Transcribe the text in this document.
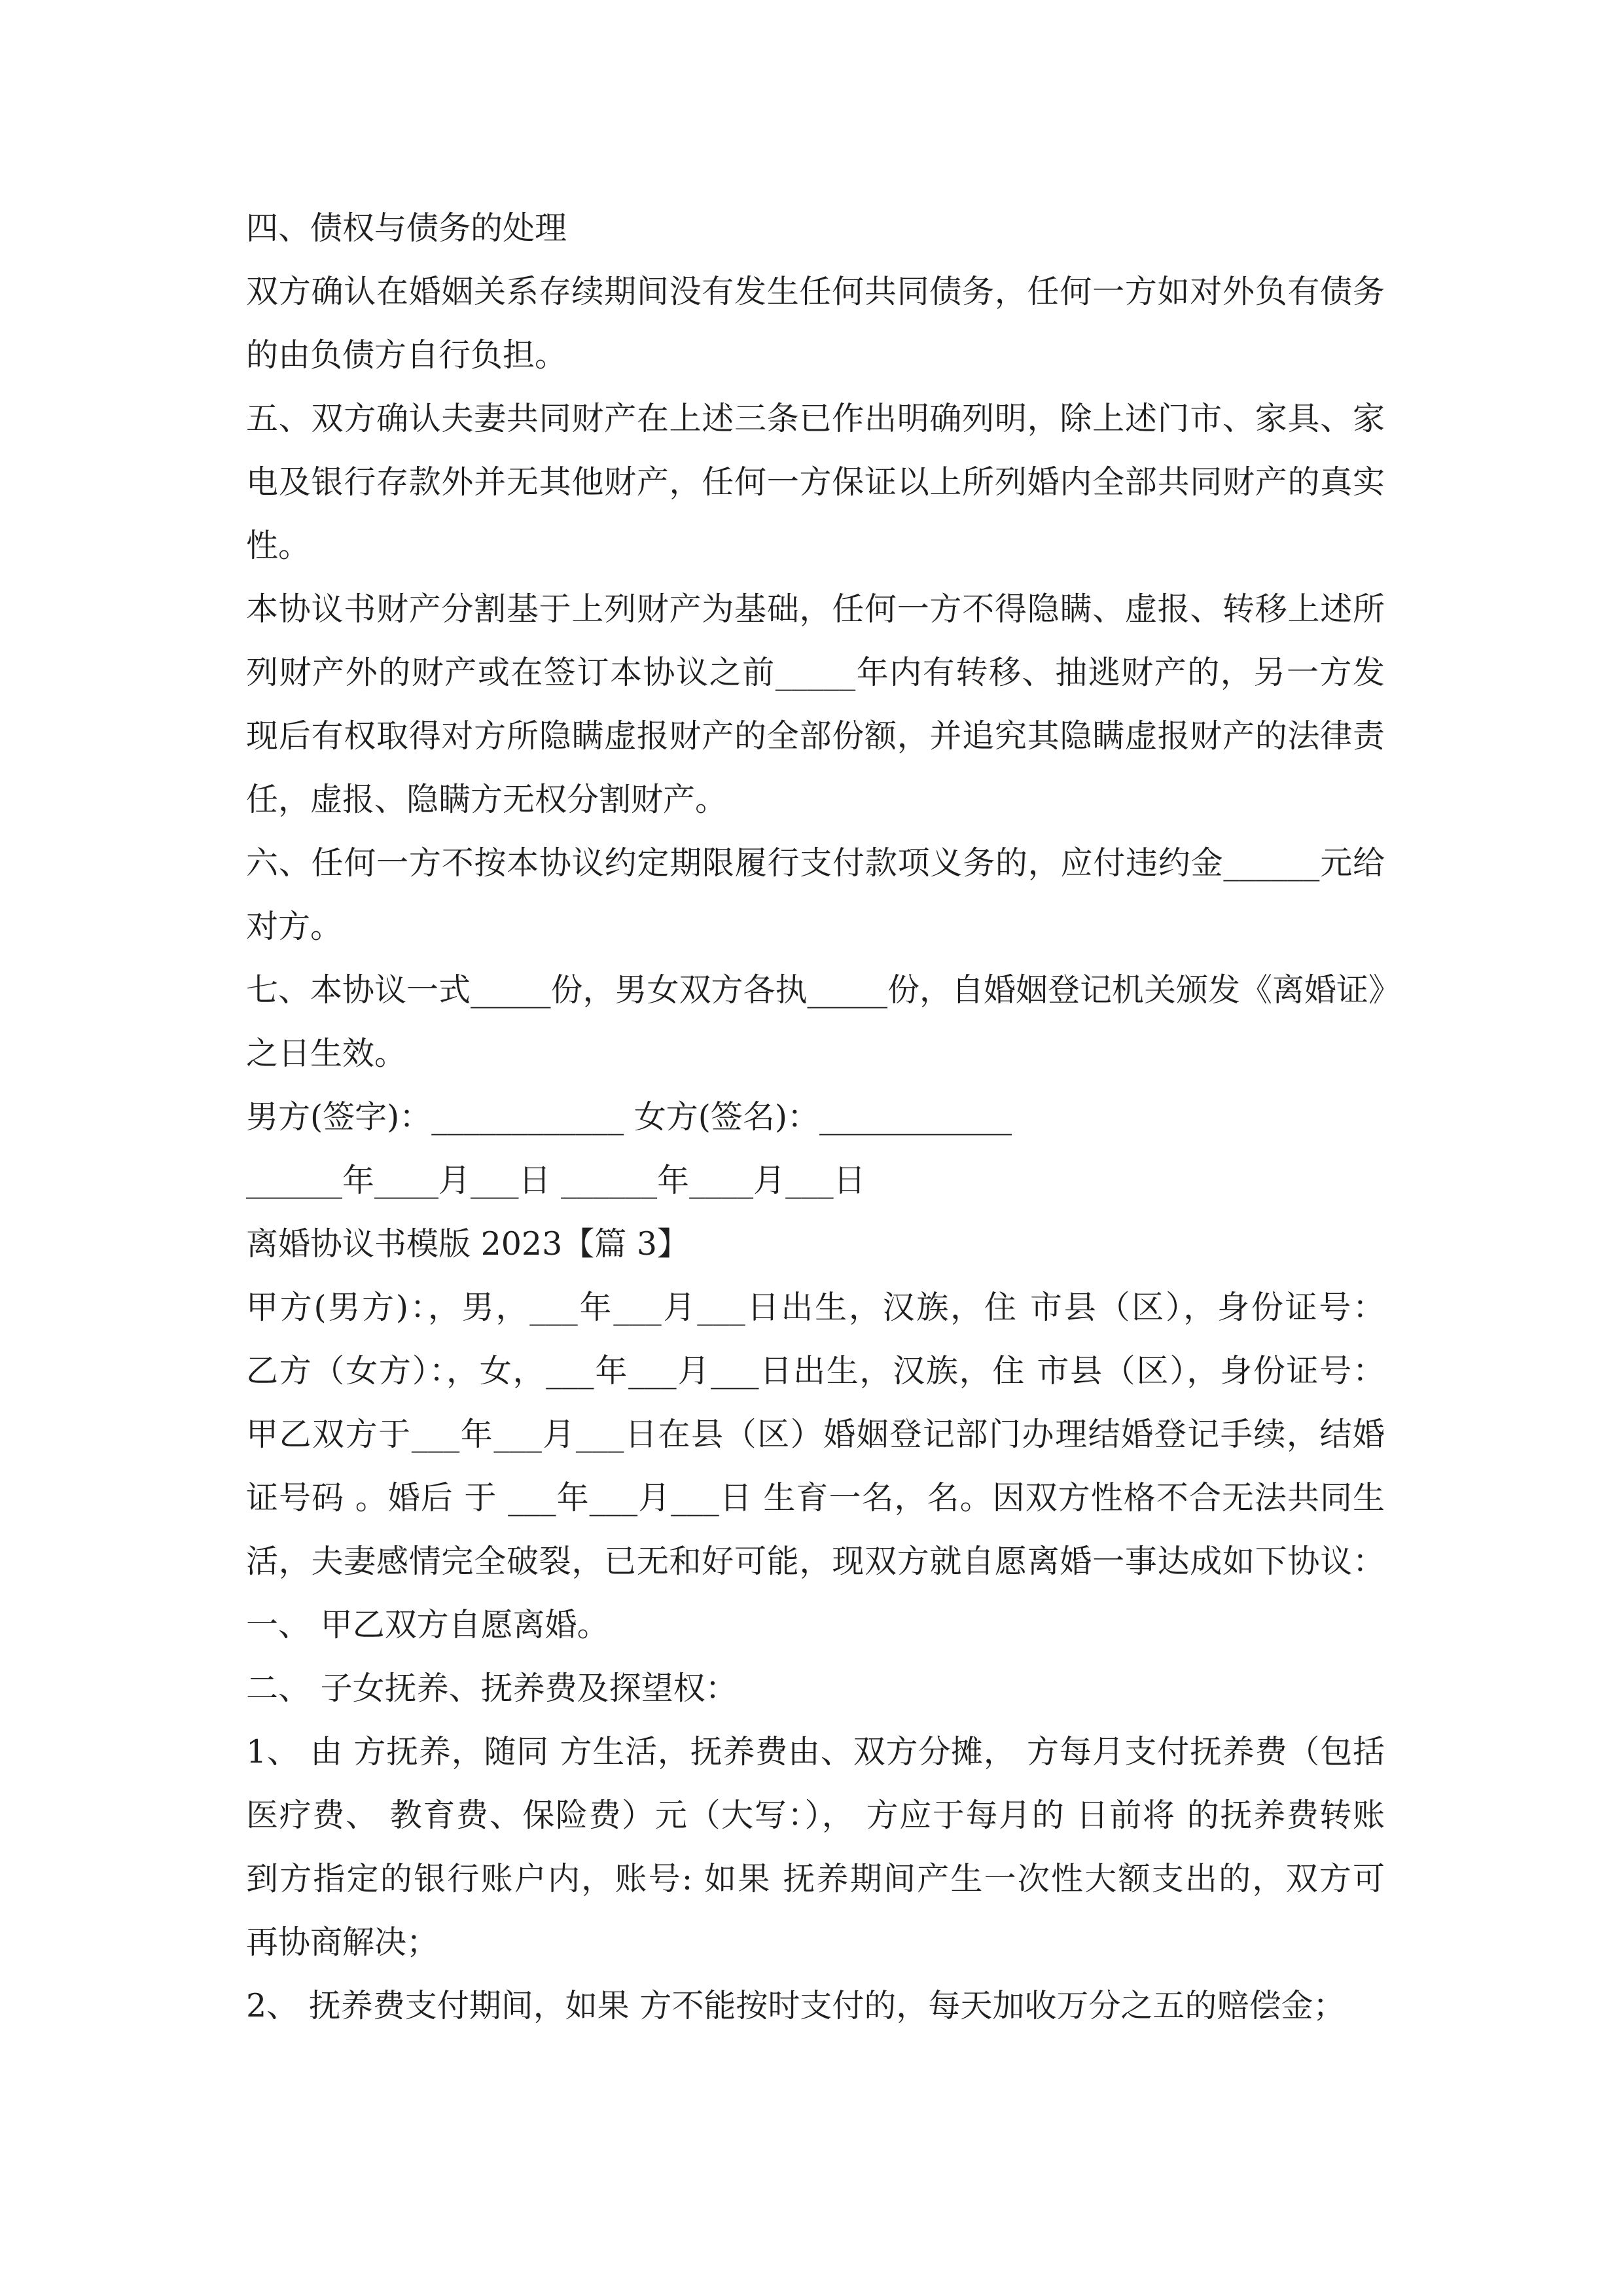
四、债权与债务的处理
双方确认在婚姻关系存续期间没有发生任何共同债务，任何一方如对外负有债务
的由负债方自行负担。
五、双方确认夫妻共同财产在上述三条已作出明确列明，除上述门市、家具、家
电及银行存款外并无其他财产，任何一方保证以上所列婚内全部共同财产的真实
性。
本协议书财产分割基于上列财产为基础，任何一方不得隐瞒、虚报、转移上述所
列财产外的财产或在签订本协议之前_____年内有转移、抽逃财产的，另一方发
现后有权取得对方所隐瞒虚报财产的全部份额，并追究其隐瞒虚报财产的法律责
任，虚报、隐瞒方无权分割财产。
六、任何一方不按本协议约定期限履行支付款项义务的，应付违约金______元给
对方。
七、本协议一式_____份，男女双方各执_____份，自婚姻登记机关颁发《离婚证》
之日生效。
男方(签字)：____________ 女方(签名)：____________
______年____月___日 ______年____月___日
离婚协议书模版 2023【篇 3】
甲方(男方)：，男，___年___月___日出生，汉族，住 市县（区），身份证号：
乙方（女方）：，女，___年___月___日出生，汉族，住 市县（区），身份证号：
甲乙双方于___年___月___日在县（区）婚姻登记部门办理结婚登记手续，结婚
证号码 。婚后 于 ___年___月___日 生育一名，名。因双方性格不合无法共同生
活，夫妻感情完全破裂，已无和好可能，现双方就自愿离婚一事达成如下协议：
一、 甲乙双方自愿离婚。
二、 子女抚养、抚养费及探望权：
1、 由 方抚养，随同 方生活，抚养费由、双方分摊， 方每月支付抚养费（包括
医疗费、 教育费、保险费）元（大写：）， 方应于每月的 日前将 的抚养费转账
到方指定的银行账户内，账号: 如果 抚养期间产生一次性大额支出的，双方可
再协商解决；
2、 抚养费支付期间，如果 方不能按时支付的，每天加收万分之五的赔偿金；
